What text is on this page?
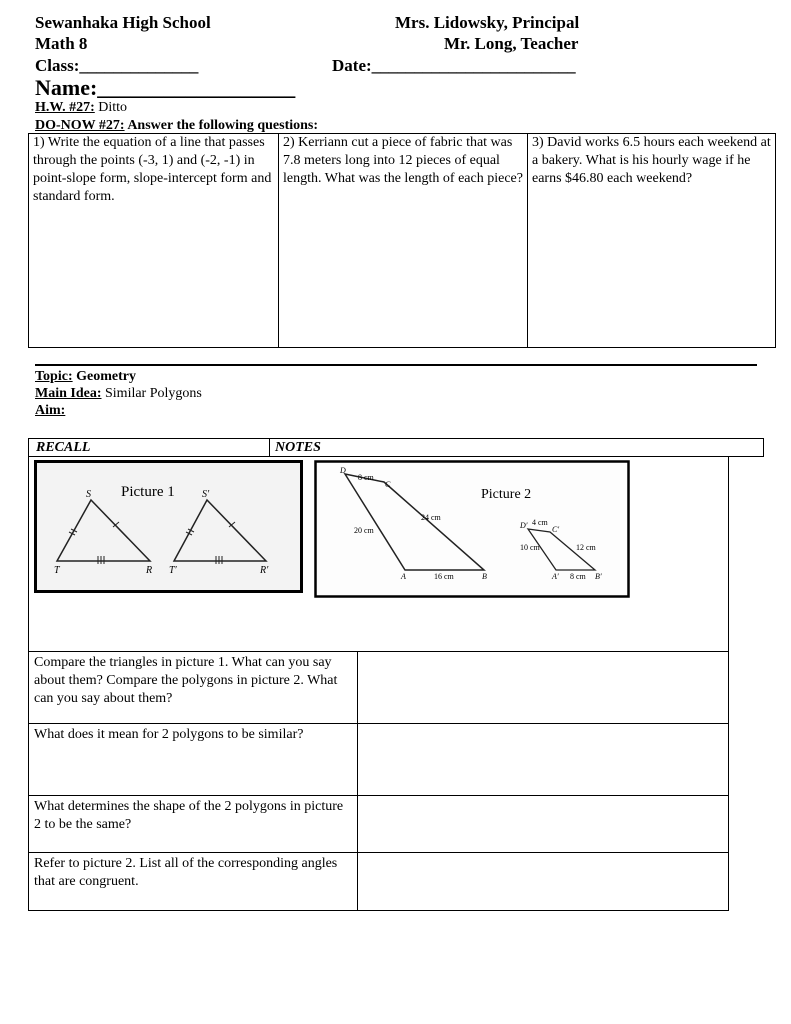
Sewanhaka High School	Mrs. Lidowsky, Principal
Math 8	Mr. Long, Teacher
Class:______________	Date:________________________
Name:__________________
H.W. #27: Ditto
DO-NOW #27: Answer the following questions:
1) Write the equation of a line that passes through the points (-3, 1) and (-2, -1) in point-slope form, slope-intercept form and standard form.
2) Kerriann cut a piece of fabric that was 7.8 meters long into 12 pieces of equal length. What was the length of each piece?
3) David works 6.5 hours each weekend at a bakery. What is his hourly wage if he earns $46.80 each weekend?
Topic: Geometry
Main Idea: Similar Polygons
Aim:
RECALL	NOTES
Picture 1
S
T	R
S′
T′	R′
Picture 2
D
C
A	B
D′	C′
A′	B′
8 cm
24 cm
20 cm
16 cm
4 cm
10 cm	12 cm
8 cm
Compare the triangles in picture 1. What can you say about them? Compare the polygons in picture 2. What can you say about them?
What does it mean for 2 polygons to be similar?
What determines the shape of the 2 polygons in picture 2 to be the same?
Refer to picture 2. List all of the corresponding angles that are congruent.
